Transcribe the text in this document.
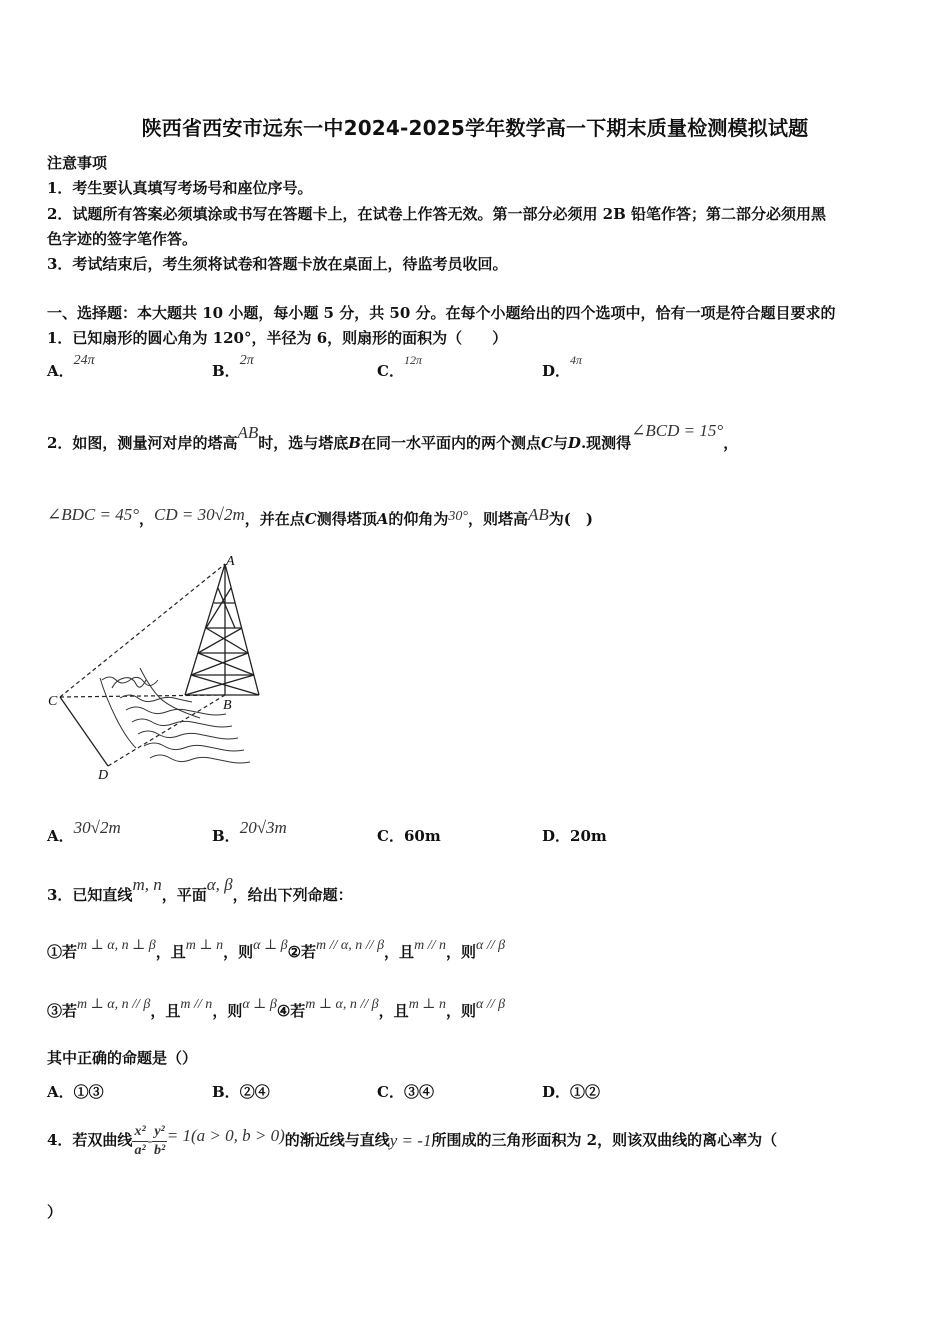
陕西省西安市远东一中2024-2025学年数学高一下期末质量检测模拟试题
注意事项
1．考生要认真填写考场号和座位序号。
2．试题所有答案必须填涂或书写在答题卡上，在试卷上作答无效。第一部分必须用 2B 铅笔作答；第二部分必须用黑
色字迹的签字笔作答。
3．考试结束后，考生须将试卷和答题卡放在桌面上，待监考员收回。
一、选择题：本大题共 10 小题，每小题 5 分，共 50 分。在每个小题给出的四个选项中，恰有一项是符合题目要求的
1．已知扇形的圆心角为 120°，半径为 6，则扇形的面积为（　　）
A．24π
B．2π
C．$^{12\pi}$
D．$^{4\pi}$
2．如图，测量河对岸的塔高AB时，选与塔底B在同一水平面内的两个测点C与D.现测得∠BCD = 15°，
∠BDC = 45°，CD = 30√2m，并在点C测得塔顶A的仰角为30°，则塔高AB为(　)
A
B
C
D
A．30√2m	B．20√3m	C．60m	D．20m
3．已知直线m, n，平面α, β，给出下列命题：
①若m ⊥ α, n ⊥ β，且m ⊥ n，则α ⊥ β②若m // α, n // β，且m // n，则α // β
③若m ⊥ α, n // β，且m // n，则α ⊥ β④若m ⊥ α, n // β，且m ⊥ n，则α // β
其中正确的命题是（）
A．①③	B．②④	C．③④	D．①②
4．若双曲线 $\frac{\text{x²}}{\text{a²}} - \frac{\text{y²}}{\text{b²}} = 1(a > 0$, b > 0)的渐近线与直线y = -1所围成的三角形面积为 2，则该双曲线的离心率为（
）
